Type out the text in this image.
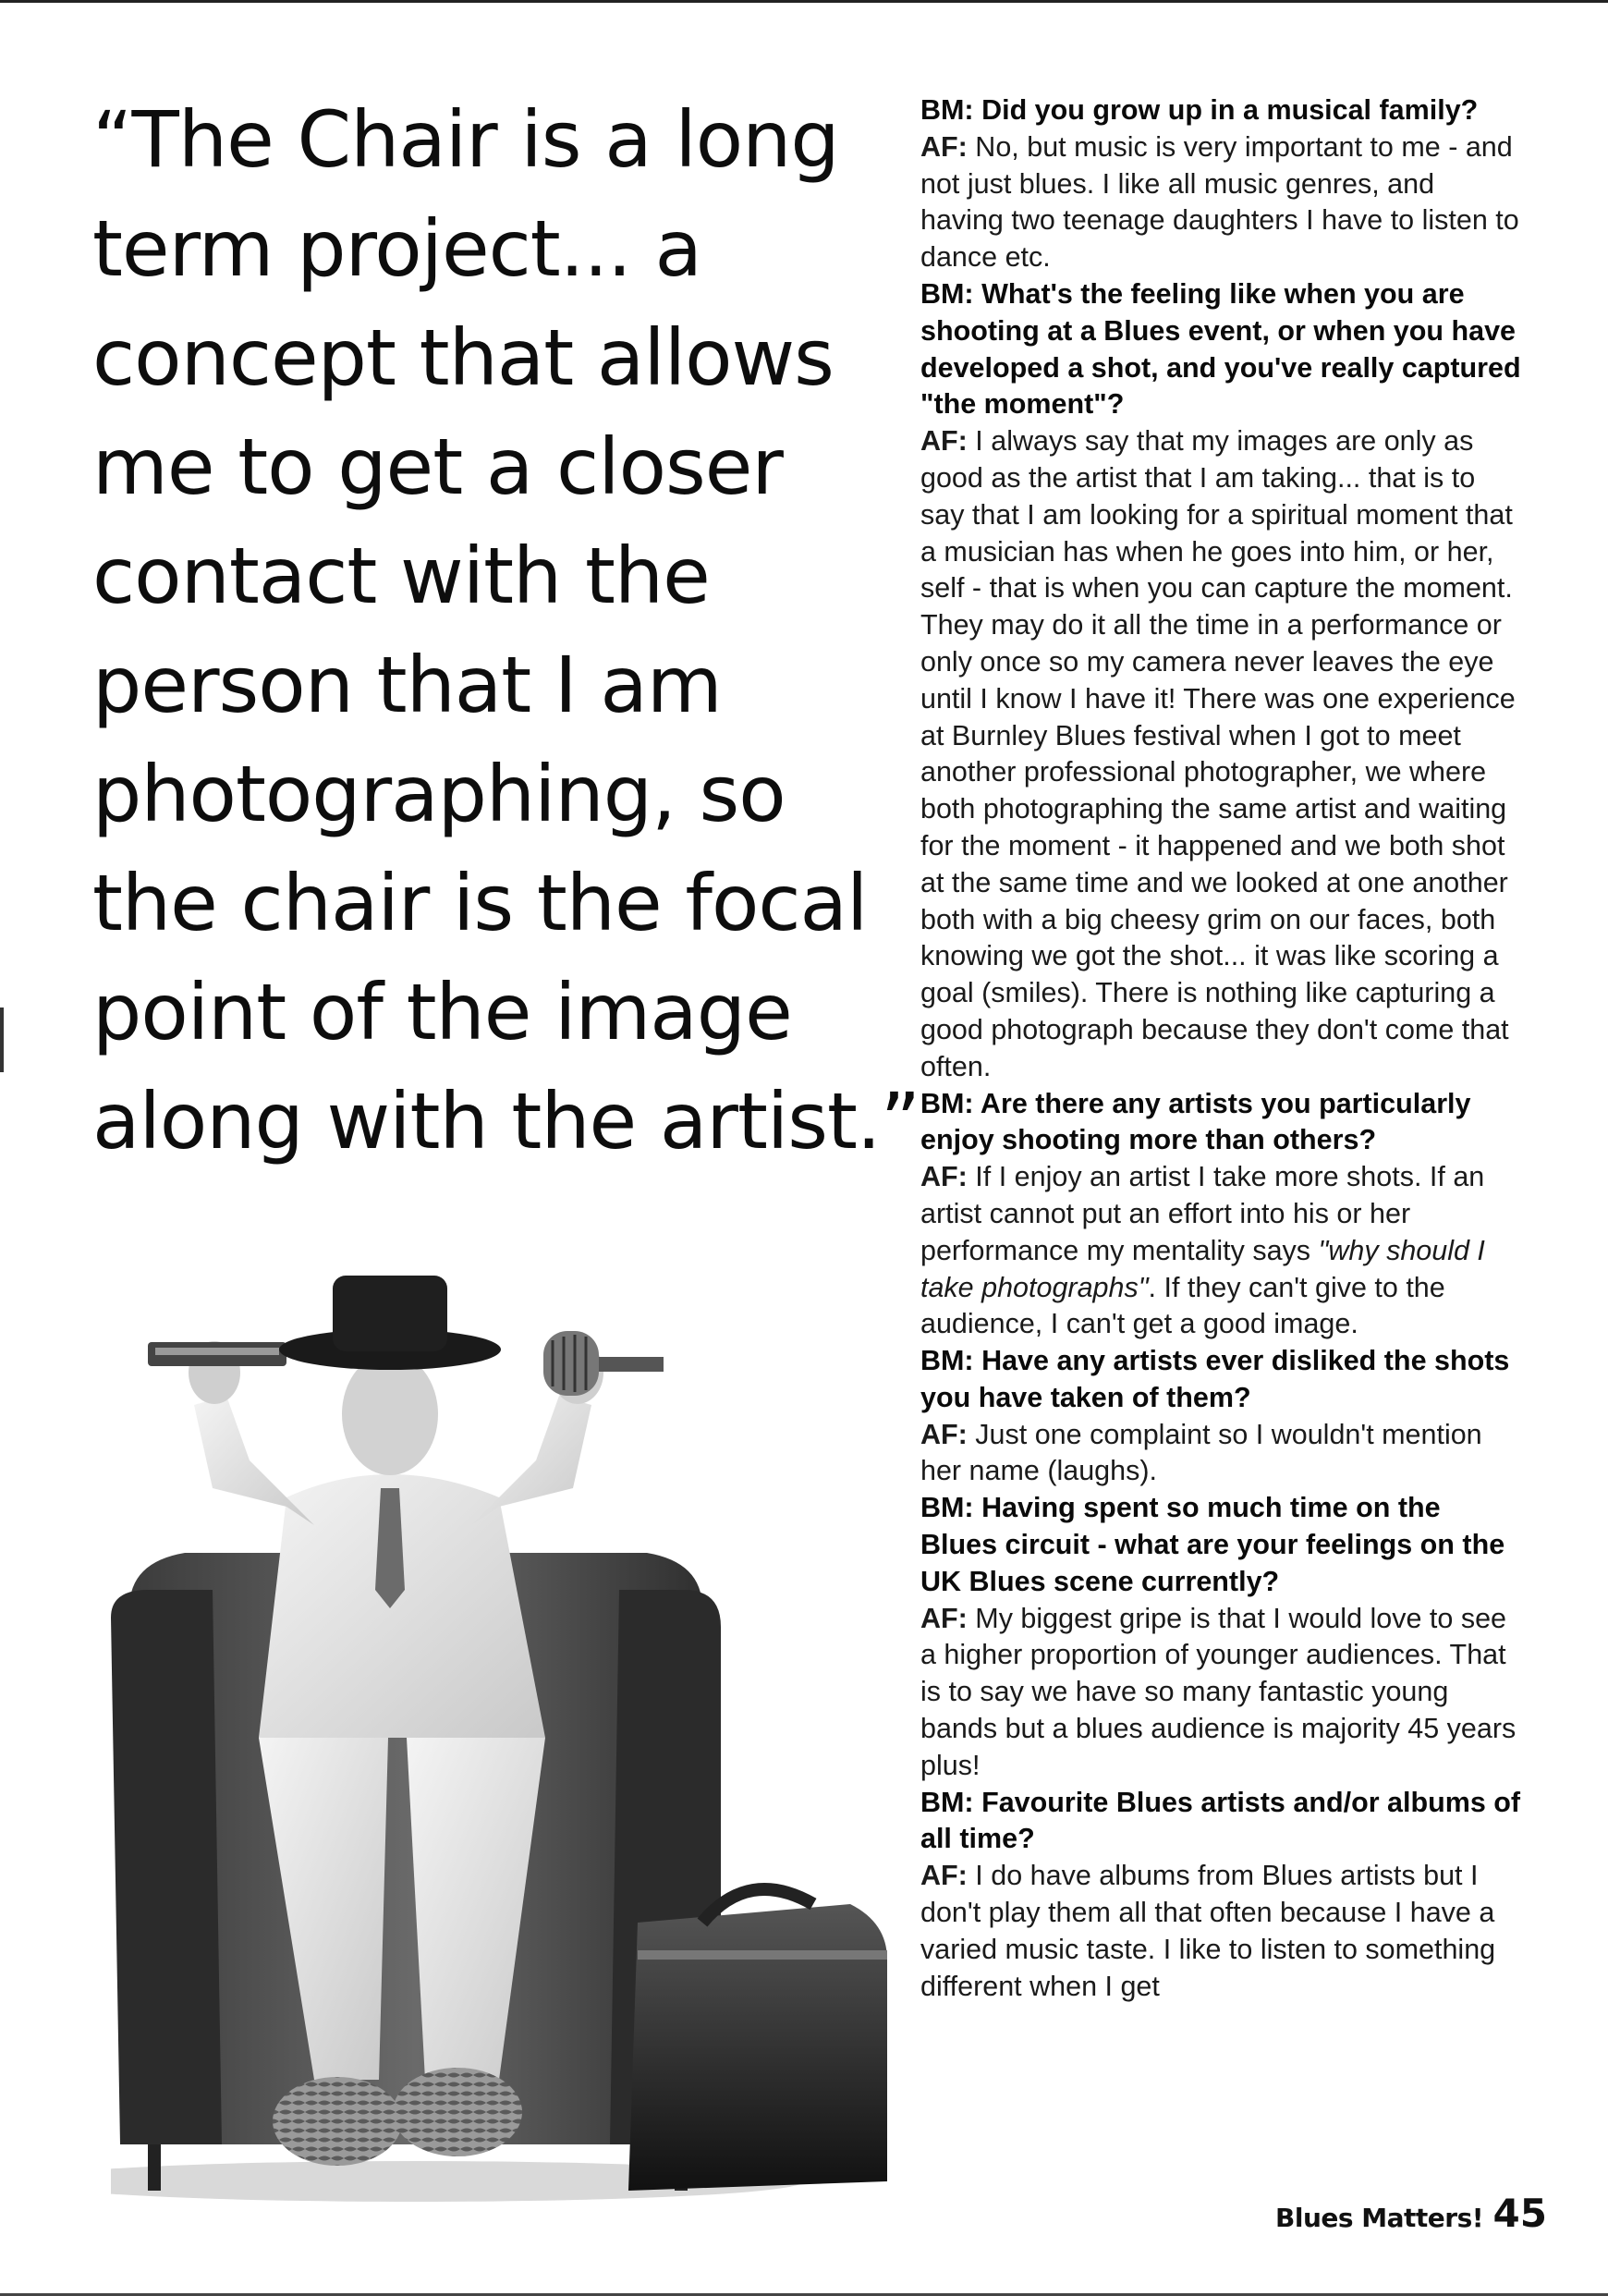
“The Chair is a long
term project... a
concept that allows
me to get a closer
contact with the
person that I am
photographing, so
the chair is the focal
point of the image
along with the artist.”

BM: Did you grow up in a musical family?

AF: No, but music is very important to me - and not just blues. I like all music genres, and having two teenage daughters I have to listen to dance etc.

BM: What's the feeling like when you are shooting at a Blues event, or when you have developed a shot, and you've really captured "the moment"?

AF: I always say that my images are only as good as the artist that I am taking... that is to say that I am looking for a spiritual moment that a musician has when he goes into him, or her, self - that is when you can capture the moment. They may do it all the time in a performance or only once so my camera never leaves the eye until I know I have it! There was one experience at Burnley Blues festival when I got to meet another professional photographer, we where both photographing the same artist and waiting for the moment - it happened and we both shot at the same time and we looked at one another both with a big cheesy grim on our faces, both knowing we got the shot... it was like scoring a goal (smiles). There is nothing like capturing a good photograph because they don't come that often.

BM: Are there any artists you particularly enjoy shooting more than others?

AF: If I enjoy an artist I take more shots. If an artist cannot put an effort into his or her performance my mentality says "why should I take photographs". If they can't give to the audience, I can't get a good image.

BM: Have any artists ever disliked the shots you have taken of them?

AF: Just one complaint so I wouldn't mention her name (laughs).

BM: Having spent so much time on the Blues circuit - what are your feelings on the UK Blues scene currently?

AF: My biggest gripe is that I would love to see a higher proportion of younger audiences. That is to say we have so many fantastic young bands but a blues audience is majority 45 years plus!

BM: Favourite Blues artists and/or albums of all time?

AF: I do have albums from Blues artists but I don't play them all that often because I have a varied music taste. I like to listen to something different when I get

Blues Matters! 45
